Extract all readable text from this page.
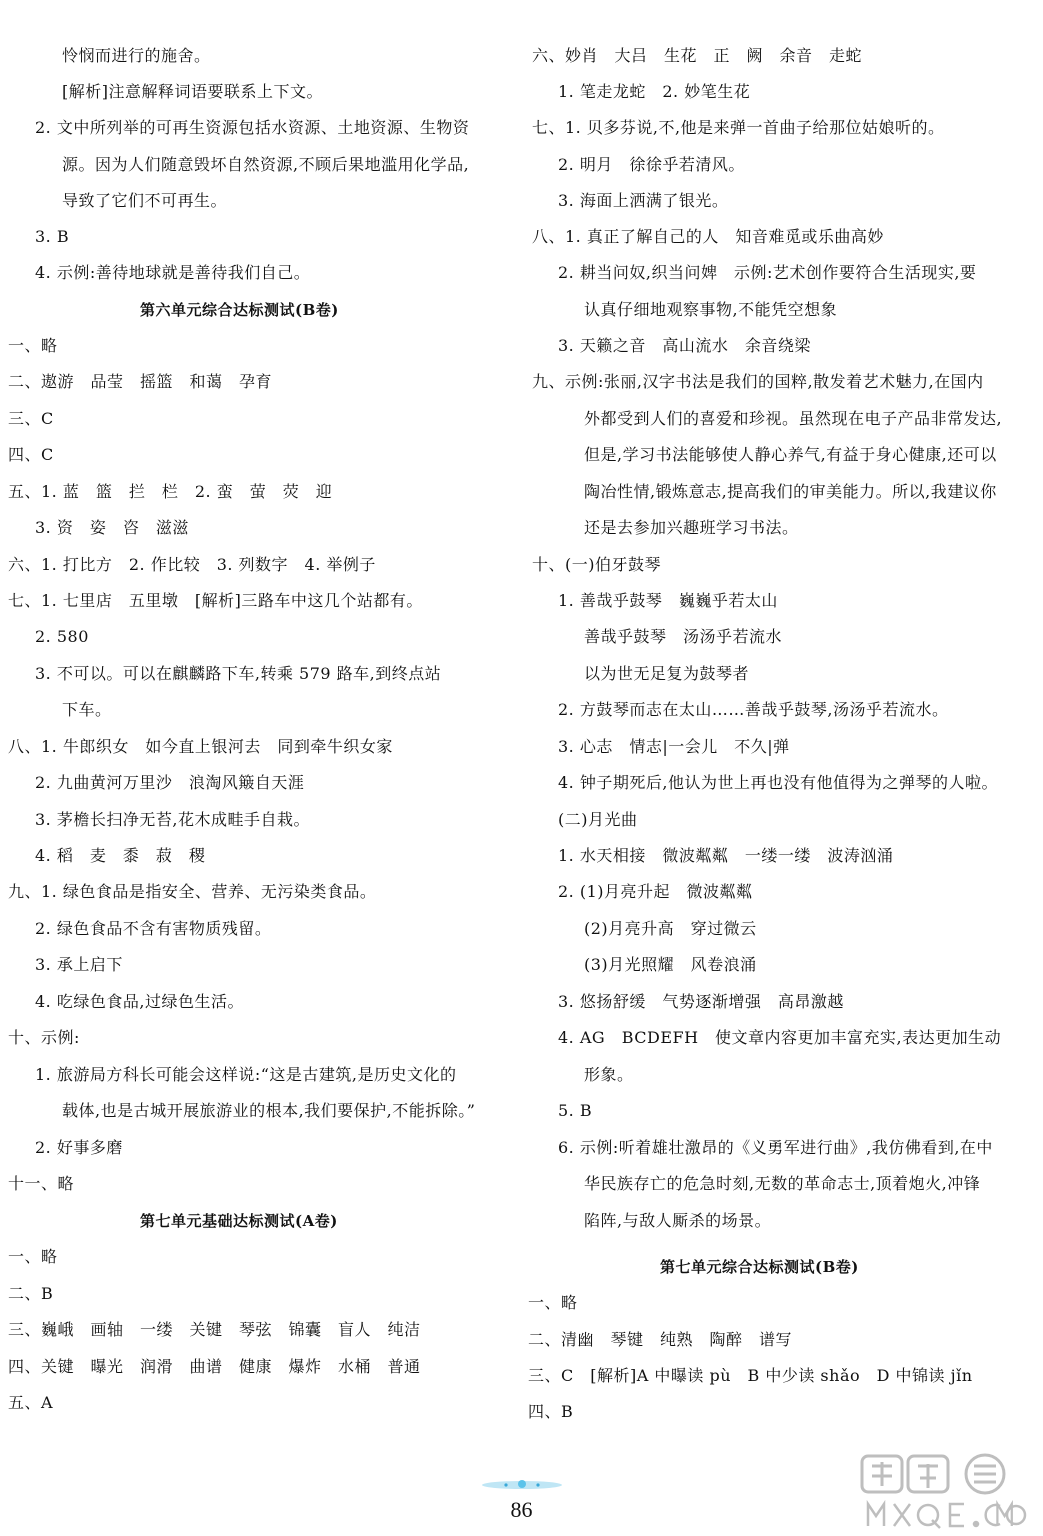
怜悯而进行的施舍。
[解析]注意解释词语要联系上下文。
2. 文中所列举的可再生资源包括水资源、土地资源、生物资
源。因为人们随意毁坏自然资源,不顾后果地滥用化学品,
导致了它们不可再生。
3. B
4. 示例:善待地球就是善待我们自己。
第六单元综合达标测试(B卷)
一、略
二、遨游　品莹　摇篮　和蔼　孕育
三、C
四、C
五、1. 蓝　篮　拦　栏　2. 蛮　萤　荧　迎
3. 资　姿　咨　滋滋
六、1. 打比方　2. 作比较　3. 列数字　4. 举例子
七、1. 七里店　五里墩　[解析]三路车中这几个站都有。
2. 580
3. 不可以。可以在麒麟路下车,转乘 579 路车,到终点站
下车。
八、1. 牛郎织女　如今直上银河去　同到牵牛织女家
2. 九曲黄河万里沙　浪淘风簸自天涯
3. 茅檐长扫净无苔,花木成畦手自栽。
4. 稻　麦　黍　菽　稷
九、1. 绿色食品是指安全、营养、无污染类食品。
2. 绿色食品不含有害物质残留。
3. 承上启下
4. 吃绿色食品,过绿色生活。
十、示例:
1. 旅游局方科长可能会这样说:“这是古建筑,是历史文化的
载体,也是古城开展旅游业的根本,我们要保护,不能拆除。”
2. 好事多磨
十一、略
第七单元基础达标测试(A卷)
一、略
二、B
三、巍峨　画轴　一缕　关键　琴弦　锦囊　盲人　纯洁
四、关键　曝光　润滑　曲谱　健康　爆炸　水桶　普通
五、A
六、妙肖　大吕　生花　正　阙　余音　走蛇
1. 笔走龙蛇　2. 妙笔生花
七、1. 贝多芬说,不,他是来弹一首曲子给那位姑娘听的。
2. 明月　徐徐乎若清风。
3. 海面上洒满了银光。
八、1. 真正了解自己的人　知音难觅或乐曲高妙
2. 耕当问奴,织当问婢　示例:艺术创作要符合生活现实,要
认真仔细地观察事物,不能凭空想象
3. 天籁之音　高山流水　余音绕梁
九、示例:张丽,汉字书法是我们的国粹,散发着艺术魅力,在国内
外都受到人们的喜爱和珍视。虽然现在电子产品非常发达,
但是,学习书法能够使人静心养气,有益于身心健康,还可以
陶冶性情,锻炼意志,提高我们的审美能力。所以,我建议你
还是去参加兴趣班学习书法。
十、(一)伯牙鼓琴
1. 善哉乎鼓琴　巍巍乎若太山
善哉乎鼓琴　汤汤乎若流水
以为世无足复为鼓琴者
2. 方鼓琴而志在太山……善哉乎鼓琴,汤汤乎若流水。
3. 心志　情志|一会儿　不久|弹
4. 钟子期死后,他认为世上再也没有他值得为之弹琴的人啦。
(二)月光曲
1. 水天相接　微波粼粼　一缕一缕　波涛汹涌
2. (1)月亮升起　微波粼粼
(2)月亮升高　穿过微云
(3)月光照耀　风卷浪涌
3. 悠扬舒缓　气势逐渐增强　高昂激越
4. AG　BCDEFH　使文章内容更加丰富充实,表达更加生动
形象。
5. B
6. 示例:听着雄壮激昂的《义勇军进行曲》,我仿佛看到,在中
华民族存亡的危急时刻,无数的革命志士,顶着炮火,冲锋
陷阵,与敌人厮杀的场景。
第七单元综合达标测试(B卷)
一、略
二、清幽　琴键　纯熟　陶醉　谱写
三、C　[解析]A 中曝读 pù　B 中少读 shǎo　D 中锦读 jǐn
四、B
86
